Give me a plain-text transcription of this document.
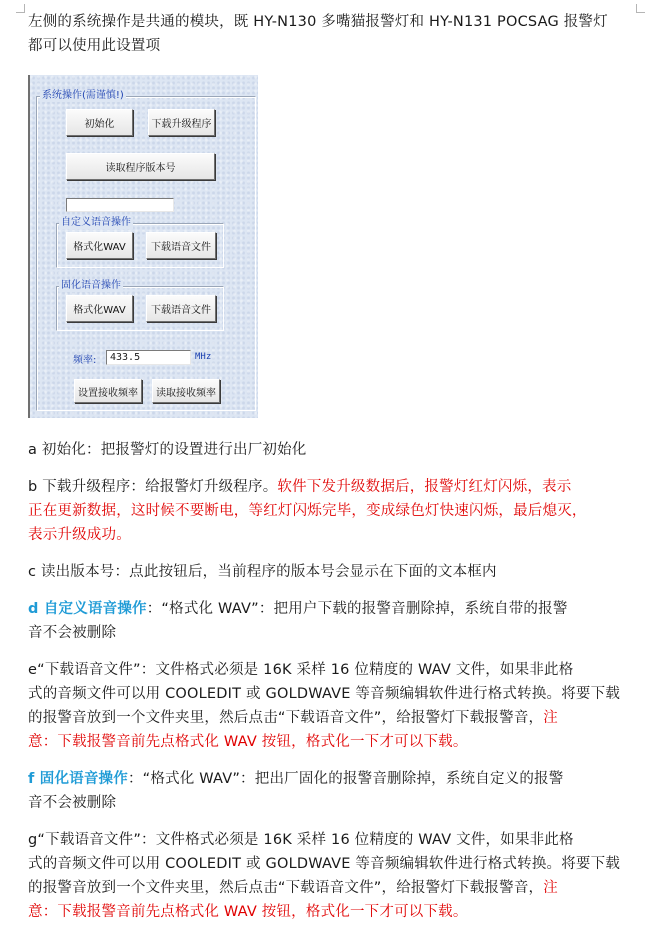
左侧的系统操作是共通的模块，既 HY-N130 多嘴猫报警灯和 HY-N131 POCSAG 报警灯
都可以使用此设置项

系统操作(需谨慎!)
初始化	下载升级程序
读取程序版本号
自定义语音操作
格式化WAV	下载语音文件
固化语音操作
格式化WAV	下载语音文件
频率:	433.5	MHz
设置接收频率	读取接收频率

a 初始化：把报警灯的设置进行出厂初始化

b 下载升级程序：给报警灯升级程序。软件下发升级数据后，报警灯红灯闪烁，表示
正在更新数据，这时候不要断电，等红灯闪烁完毕，变成绿色灯快速闪烁，最后熄灭，
表示升级成功。

c 读出版本号：点此按钮后，当前程序的版本号会显示在下面的文本框内

d 自定义语音操作：“格式化 WAV”：把用户下载的报警音删除掉，系统自带的报警
音不会被删除

e“下载语音文件”：文件格式必须是 16K 采样 16 位精度的 WAV 文件，如果非此格
式的音频文件可以用 COOLEDIT 或 GOLDWAVE 等音频编辑软件进行格式转换。将要下载
的报警音放到一个文件夹里，然后点击“下载语音文件”，给报警灯下载报警音，注
意：下载报警音前先点格式化 WAV 按钮，格式化一下才可以下载。

f 固化语音操作：“格式化 WAV”：把出厂固化的报警音删除掉，系统自定义的报警
音不会被删除

g“下载语音文件”：文件格式必须是 16K 采样 16 位精度的 WAV 文件，如果非此格
式的音频文件可以用 COOLEDIT 或 GOLDWAVE 等音频编辑软件进行格式转换。将要下载
的报警音放到一个文件夹里，然后点击“下载语音文件”，给报警灯下载报警音，注
意：下载报警音前先点格式化 WAV 按钮，格式化一下才可以下载。
